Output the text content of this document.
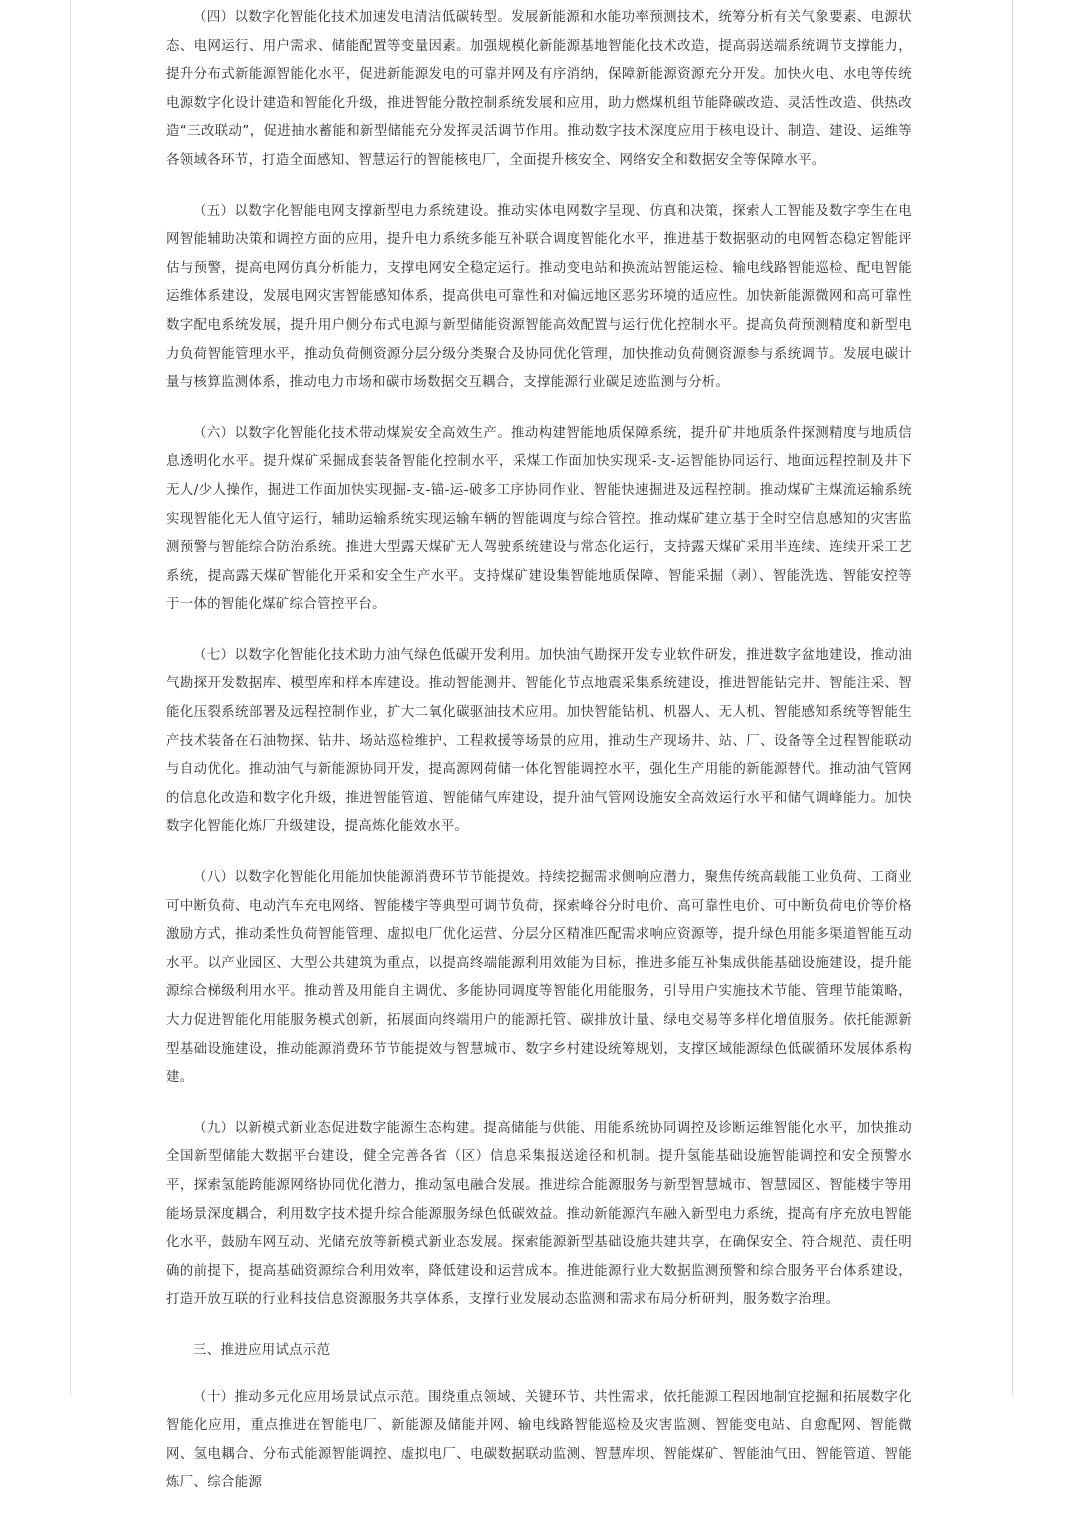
（四）以数字化智能化技术加速发电清洁低碳转型。发展新能源和水能功率预测技术，统筹分析有关气象要素、电源状态、电网运行、用户需求、储能配置等变量因素。加强规模化新能源基地智能化技术改造，提高弱送端系统调节支撑能力，提升分布式新能源智能化水平，促进新能源发电的可靠并网及有序消纳，保障新能源资源充分开发。加快火电、水电等传统电源数字化设计建造和智能化升级，推进智能分散控制系统发展和应用，助力燃煤机组节能降碳改造、灵活性改造、供热改造“三改联动”，促进抽水蓄能和新型储能充分发挥灵活调节作用。推动数字技术深度应用于核电设计、制造、建设、运维等各领域各环节，打造全面感知、智慧运行的智能核电厂，全面提升核安全、网络安全和数据安全等保障水平。

（五）以数字化智能电网支撑新型电力系统建设。推动实体电网数字呈现、仿真和决策，探索人工智能及数字孪生在电网智能辅助决策和调控方面的应用，提升电力系统多能互补联合调度智能化水平，推进基于数据驱动的电网暂态稳定智能评估与预警，提高电网仿真分析能力，支撑电网安全稳定运行。推动变电站和换流站智能运检、输电线路智能巡检、配电智能运维体系建设，发展电网灾害智能感知体系，提高供电可靠性和对偏远地区恶劣环境的适应性。加快新能源微网和高可靠性数字配电系统发展，提升用户侧分布式电源与新型储能资源智能高效配置与运行优化控制水平。提高负荷预测精度和新型电力负荷智能管理水平，推动负荷侧资源分层分级分类聚合及协同优化管理，加快推动负荷侧资源参与系统调节。发展电碳计量与核算监测体系，推动电力市场和碳市场数据交互耦合，支撑能源行业碳足迹监测与分析。

（六）以数字化智能化技术带动煤炭安全高效生产。推动构建智能地质保障系统，提升矿井地质条件探测精度与地质信息透明化水平。提升煤矿采掘成套装备智能化控制水平，采煤工作面加快实现采-支-运智能协同运行、地面远程控制及井下无人/少人操作，掘进工作面加快实现掘-支-锚-运-破多工序协同作业、智能快速掘进及远程控制。推动煤矿主煤流运输系统实现智能化无人值守运行，辅助运输系统实现运输车辆的智能调度与综合管控。推动煤矿建立基于全时空信息感知的灾害监测预警与智能综合防治系统。推进大型露天煤矿无人驾驶系统建设与常态化运行，支持露天煤矿采用半连续、连续开采工艺系统，提高露天煤矿智能化开采和安全生产水平。支持煤矿建设集智能地质保障、智能采掘（剥）、智能洗选、智能安控等于一体的智能化煤矿综合管控平台。

（七）以数字化智能化技术助力油气绿色低碳开发利用。加快油气勘探开发专业软件研发，推进数字盆地建设，推动油气勘探开发数据库、模型库和样本库建设。推动智能测井、智能化节点地震采集系统建设，推进智能钻完井、智能注采、智能化压裂系统部署及远程控制作业，扩大二氧化碳驱油技术应用。加快智能钻机、机器人、无人机、智能感知系统等智能生产技术装备在石油物探、钻井、场站巡检维护、工程救援等场景的应用，推动生产现场井、站、厂、设备等全过程智能联动与自动优化。推动油气与新能源协同开发，提高源网荷储一体化智能调控水平，强化生产用能的新能源替代。推动油气管网的信息化改造和数字化升级，推进智能管道、智能储气库建设，提升油气管网设施安全高效运行水平和储气调峰能力。加快数字化智能化炼厂升级建设，提高炼化能效水平。

（八）以数字化智能化用能加快能源消费环节节能提效。持续挖掘需求侧响应潜力，聚焦传统高载能工业负荷、工商业可中断负荷、电动汽车充电网络、智能楼宇等典型可调节负荷，探索峰谷分时电价、高可靠性电价、可中断负荷电价等价格激励方式，推动柔性负荷智能管理、虚拟电厂优化运营、分层分区精准匹配需求响应资源等，提升绿色用能多渠道智能互动水平。以产业园区、大型公共建筑为重点，以提高终端能源利用效能为目标，推进多能互补集成供能基础设施建设，提升能源综合梯级利用水平。推动普及用能自主调优、多能协同调度等智能化用能服务，引导用户实施技术节能、管理节能策略，大力促进智能化用能服务模式创新，拓展面向终端用户的能源托管、碳排放计量、绿电交易等多样化增值服务。依托能源新型基础设施建设，推动能源消费环节节能提效与智慧城市、数字乡村建设统筹规划，支撑区域能源绿色低碳循环发展体系构建。

（九）以新模式新业态促进数字能源生态构建。提高储能与供能、用能系统协同调控及诊断运维智能化水平，加快推动全国新型储能大数据平台建设，健全完善各省（区）信息采集报送途径和机制。提升氢能基础设施智能调控和安全预警水平，探索氢能跨能源网络协同优化潜力，推动氢电融合发展。推进综合能源服务与新型智慧城市、智慧园区、智能楼宇等用能场景深度耦合，利用数字技术提升综合能源服务绿色低碳效益。推动新能源汽车融入新型电力系统，提高有序充放电智能化水平，鼓励车网互动、光储充放等新模式新业态发展。探索能源新型基础设施共建共享，在确保安全、符合规范、责任明确的前提下，提高基础资源综合利用效率，降低建设和运营成本。推进能源行业大数据监测预警和综合服务平台体系建设，打造开放互联的行业科技信息资源服务共享体系，支撑行业发展动态监测和需求布局分析研判，服务数字治理。

三、推进应用试点示范

（十）推动多元化应用场景试点示范。围绕重点领域、关键环节、共性需求，依托能源工程因地制宜挖掘和拓展数字化智能化应用，重点推进在智能电厂、新能源及储能并网、输电线路智能巡检及灾害监测、智能变电站、自愈配网、智能微网、氢电耦合、分布式能源智能调控、虚拟电厂、电碳数据联动监测、智慧库坝、智能煤矿、智能油气田、智能管道、智能炼厂、综合能源
